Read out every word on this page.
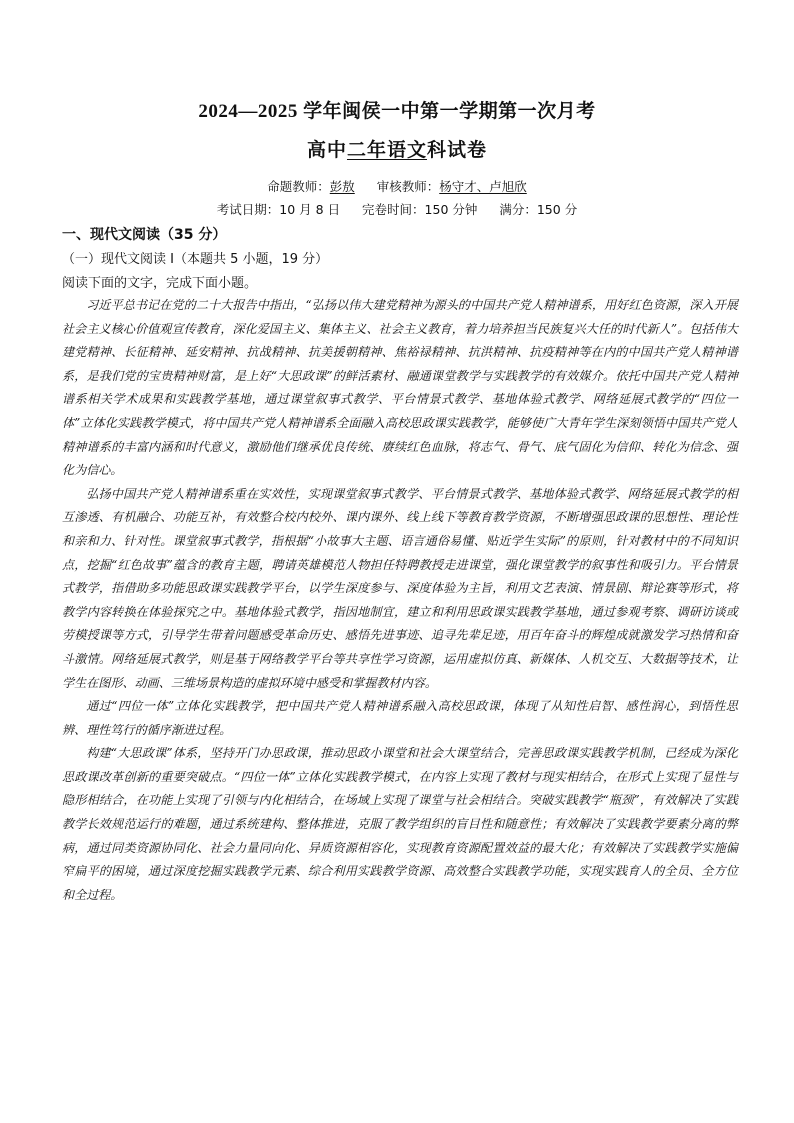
2024—2025 学年闽侯一中第一学期第一次月考
高中二年语文科试卷
命题教师：彭敖 审核教师：杨守才、卢旭欣
考试日期：10 月 8 日 完卷时间：150 分钟 满分：150 分
一、现代文阅读（35 分）
（一）现代文阅读 I（本题共 5 小题，19 分）
阅读下面的文字，完成下面小题。

习近平总书记在党的二十大报告中指出，“弘扬以伟大建党精神为源头的中国共产党人精神谱系，用好红色资源，深入开展社会主义核心价值观宣传教育，深化爱国主义、集体主义、社会主义教育，着力培养担当民族复兴大任的时代新人”。包括伟大建党精神、长征精神、延安精神、抗战精神、抗美援朝精神、焦裕禄精神、抗洪精神、抗疫精神等在内的中国共产党人精神谱系，是我们党的宝贵精神财富，是上好“大思政课”的鲜活素材、融通课堂教学与实践教学的有效媒介。依托中国共产党人精神谱系相关学术成果和实践教学基地，通过课堂叙事式教学、平台情景式教学、基地体验式教学、网络延展式教学的“四位一体”立体化实践教学模式，将中国共产党人精神谱系全面融入高校思政课实践教学，能够使广大青年学生深刻领悟中国共产党人精神谱系的丰富内涵和时代意义，激励他们继承优良传统、赓续红色血脉，将志气、骨气、底气固化为信仰、转化为信念、强化为信心。

弘扬中国共产党人精神谱系重在实效性，实现课堂叙事式教学、平台情景式教学、基地体验式教学、网络延展式教学的相互渗透、有机融合、功能互补，有效整合校内校外、课内课外、线上线下等教育教学资源，不断增强思政课的思想性、理论性和亲和力、针对性。课堂叙事式教学，指根据“小故事大主题、语言通俗易懂、贴近学生实际”的原则，针对教材中的不同知识点，挖掘“红色故事”蕴含的教育主题，聘请英雄模范人物担任特聘教授走进课堂，强化课堂教学的叙事性和吸引力。平台情景式教学，指借助多功能思政课实践教学平台，以学生深度参与、深度体验为主旨，利用文艺表演、情景剧、辩论赛等形式，将教学内容转换在体验探究之中。基地体验式教学，指因地制宜，建立和利用思政课实践教学基地，通过参观考察、调研访谈或劳模授课等方式，引导学生带着问题感受革命历史、感悟先进事迹、追寻先辈足迹，用百年奋斗的辉煌成就激发学习热情和奋斗激情。网络延展式教学，则是基于网络教学平台等共享性学习资源，运用虚拟仿真、新媒体、人机交互、大数据等技术，让学生在图形、动画、三维场景构造的虚拟环境中感受和掌握教材内容。

通过“四位一体”立体化实践教学，把中国共产党人精神谱系融入高校思政课，体现了从知性启智、感性润心，到悟性思辨、理性笃行的循序渐进过程。

构建“大思政课”体系，坚持开门办思政课，推动思政小课堂和社会大课堂结合，完善思政课实践教学机制，已经成为深化思政课改革创新的重要突破点。“四位一体”立体化实践教学模式，在内容上实现了教材与现实相结合，在形式上实现了显性与隐形相结合，在功能上实现了引领与内化相结合，在场域上实现了课堂与社会相结合。突破实践教学“瓶颈”，有效解决了实践教学长效规范运行的难题，通过系统建构、整体推进，克服了教学组织的盲目性和随意性；有效解决了实践教学要素分离的弊病，通过同类资源协同化、社会力量同向化、异质资源相容化，实现教育资源配置效益的最大化；有效解决了实践教学实施偏窄扁平的困境，通过深度挖掘实践教学元素、综合利用实践教学资源、高效整合实践教学功能，实现实践育人的全员、全方位和全过程。
